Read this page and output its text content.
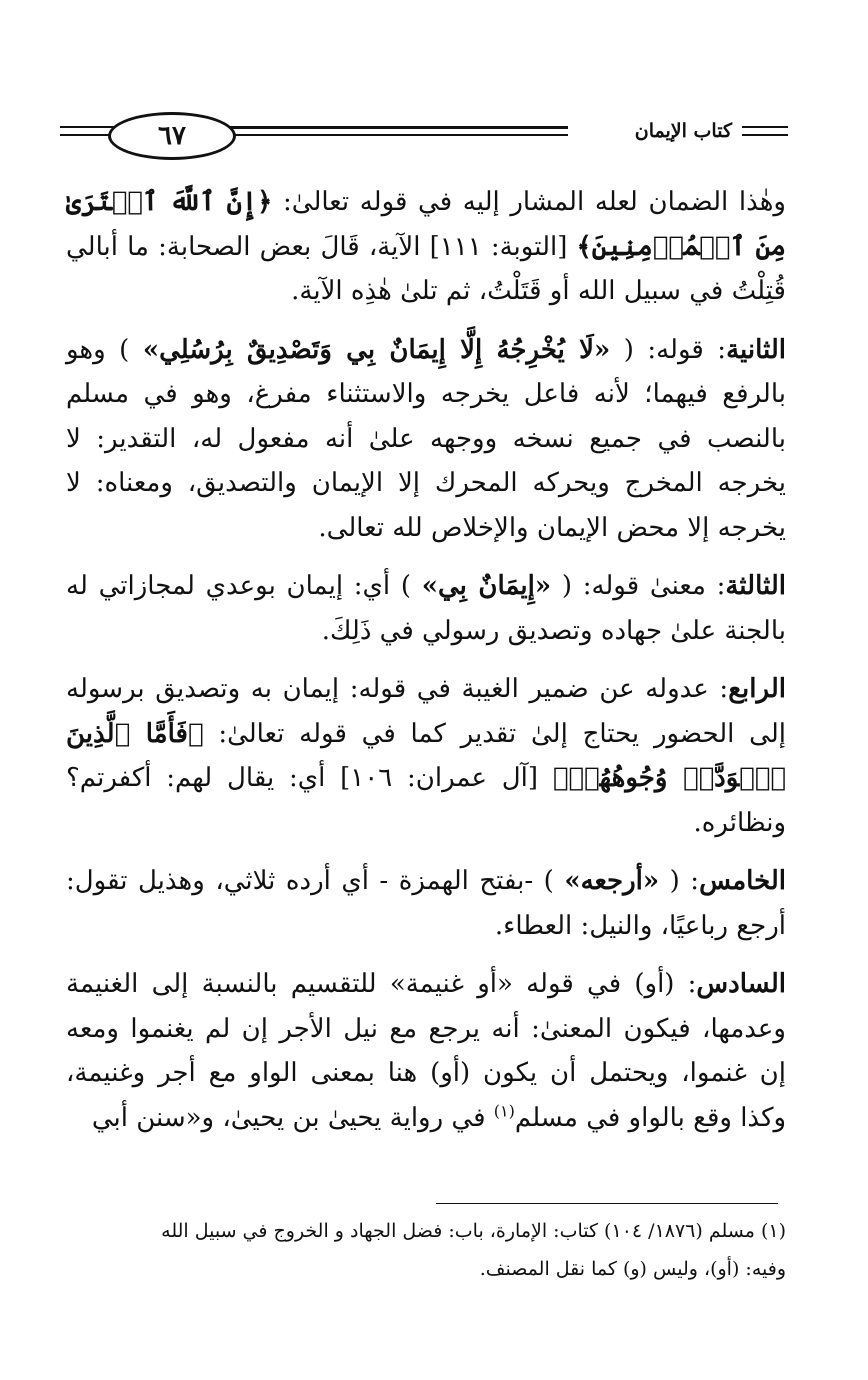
٦٧	كتاب الإيمان

وهٰذا الضمان لعله المشار إليه في قوله تعالىٰ: ﴿إِنَّ ٱللَّهَ ٱشۡتَرَىٰ مِنَ ٱلۡمُؤۡمِنِينَ﴾ [التوبة: ١١١] الآية، قَالَ بعض الصحابة: ما أبالي قُتِلْتُ في سبيل الله أو قَتَلْتُ، ثم تلىٰ هٰذِه الآية.

الثانية: قوله: ( «لَا يُخْرِجُهُ إِلَّا إِيمَانٌ بِي وَتَصْدِيقٌ بِرُسُلِي» ) وهو بالرفع فيهما؛ لأنه فاعل يخرجه والاستثناء مفرغ، وهو في مسلم بالنصب في جميع نسخه ووجهه علىٰ أنه مفعول له، التقدير: لا يخرجه المخرج ويحركه المحرك إلا الإيمان والتصديق، ومعناه: لا يخرجه إلا محض الإيمان والإخلاص لله تعالى.

الثالثة: معنىٰ قوله: ( «إِيمَانٌ بِي» ) أي: إيمان بوعدي لمجازاتي له بالجنة علىٰ جهاده وتصديق رسولي في ذَلِكَ.

الرابع: عدوله عن ضمير الغيبة في قوله: إيمان به وتصديق برسوله إلى الحضور يحتاج إلىٰ تقدير كما في قوله تعالىٰ: ﴿فَأَمَّا ٱلَّذِينَ ٱسۡوَدَّتۡ وُجُوهُهُمۡ﴾ [آل عمران: ١٠٦] أي: يقال لهم: أكفرتم؟ ونظائره.

الخامس: ( «أرجعه» ) -بفتح الهمزة - أي أرده ثلاثي، وهذيل تقول: أرجع رباعيًا، والنيل: العطاء.

السادس: (أو) في قوله «أو غنيمة» للتقسيم بالنسبة إلى الغنيمة وعدمها، فيكون المعنىٰ: أنه يرجع مع نيل الأجر إن لم يغنموا ومعه إن غنموا، ويحتمل أن يكون (أو) هنا بمعنى الواو مع أجر وغنيمة، وكذا وقع بالواو في مسلم$^{(١)}$ في رواية يحيىٰ بن يحيىٰ، و«سنن أبي

(١) مسلم (١٨٧٦/ ١٠٤) كتاب: الإمارة، باب: فضل الجهاد و الخروج في سبيل الله

وفيه: (أو)، وليس (و) كما نقل المصنف.
